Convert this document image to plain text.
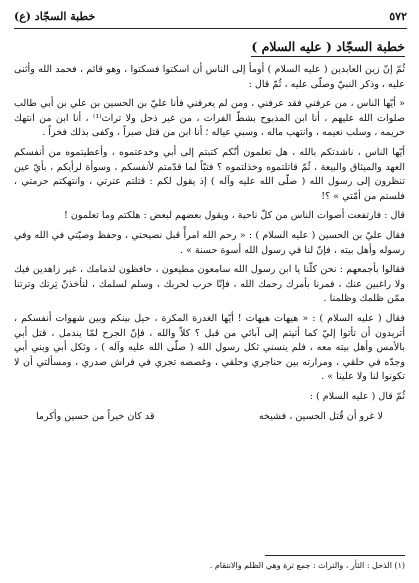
٥٧٢
خطبة السجّاد (ع)
خطبة السجّاد ( عليه السلام )

ثُمّ إنّ زين العابدين ( عليه السلام ) أومأ إلى الناس أن اسكتوا فسكتوا ، وهو قائم ، فحمد الله وأثنى عليه ، وذكر النبيّ وصلّى عليه ، ثُمّ قال :

« أيّها الناس ، من عرفني فقد عرفني ، ومن لم يعرفني فأنا عليّ بن الحسين بن علي بن أبي طالب صلوات الله عليهم ، أنا ابن المذبوح بشطّ الفرات ، من غير ذحل ولا تراث⁽¹⁾ ، أنا ابن من انتهك حريمه ، وسلب نعيمه ، وانتهب ماله ، وسبي عياله ؛ أنا ابن من قتل صبراً ، وكفى بذلك فخراً .

أيّها الناس ، ناشدتكم بالله ، هل تعلمون أنّكم كتبتم إلى أبي وخدعتموه ، وأعطيتموه من أنفسكم العهد والميثاق والبيعة ، ثُمّ قاتلتموه وخذلتموه ؟ فتبّاً لما قدّمتم لأنفسكم ، وسوأة لرأيكم ، بأيّ عين تنظرون إلى رسول الله ( صلّى الله عليه وآله ) إذ يقول لكم : قتلتم عترتي ، وانتهكتم حرمتي ، فلستم من أمّتي » ؟!

قال : فارتفعت أصوات الناس من كلّ ناحية ، ويقول بعضهم لبعض : هلكتم وما تعلمون !

فقال عليّ بن الحسين ( عليه السلام ) : « رحم الله امرأً قبل نصيحتي ، وحفظ وصيّتي في الله وفي رسوله وأهل بيته ، فإنّ لنا في رسول الله أسوة حسنة » .

فقالوا بأجمعهم : نحن كلّنا يا ابن رسول الله سامعون مطيعون ، حافظون لذمامك ، غير زاهدين فيك ولا راغبين عنك ، فمرنا بأمرك رحمك الله ، فإنّا حرب لحربك ، وسلم لسلمك ، لنأخذنّ تِرتك وترتنا ممّن ظلمك وظلمنا .

فقال ( عليه السلام ) : « هيهات هيهات ! أيّها الغدرة المكرة ، حيل بينكم وبين شهوات أنفسكم ، أتريدون أن تأتوا إليّ كما أتيتم إلى آبائي من قبل ؟ كلاّ والله ، فإنّ الجرح لمّا يندمل ، قتل أبي بالأمس وأهل بيته معه ، فلم ينسني ثكل رسول الله ( صلّى الله عليه وآله ) ، وثكل أبي وبني أبي وجدّه في حلقي ، ومرارته بين حناجري وحلقي ، وغصصه تجري في فراش صدري ، ومسألتي أن لا تكونوا لنا ولا علينا » .

ثُمّ قال ( عليه السلام ) :

لا غرو أن قُتل الحسين ، فشيخه
قد كان خيراً من حسين وأكرما
(١) الذحل : الثأر ، والتراث : جمع ترة وهي الظلم والانتقام .
